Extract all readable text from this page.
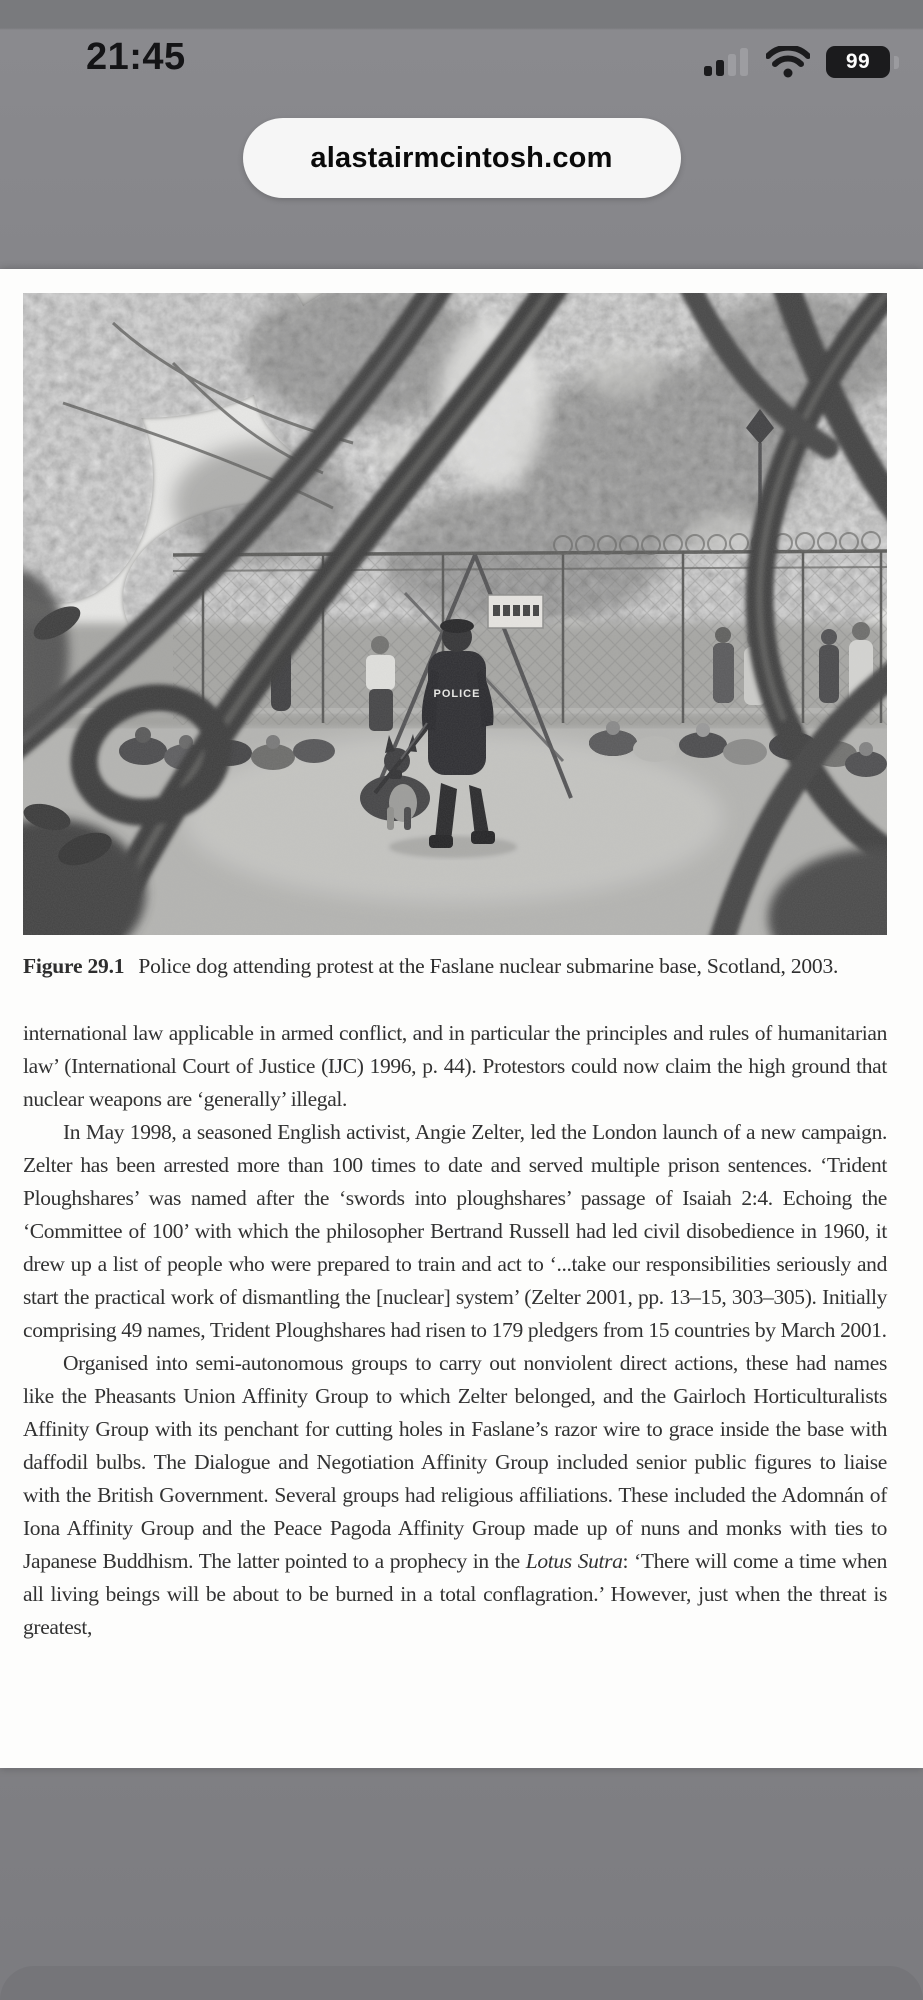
21:45	99
alastairmcintosh.com

Figure 29.1 Police dog attending protest at the Faslane nuclear submarine base, Scotland, 2003.

international law applicable in armed conflict, and in particular the principles and rules of humanitarian law’ (International Court of Justice (IJC) 1996, p. 44). Protestors could now claim the high ground that nuclear weapons are ‘generally’ illegal.

In May 1998, a seasoned English activist, Angie Zelter, led the London launch of a new campaign. Zelter has been arrested more than 100 times to date and served multiple prison sentences. ‘Trident Ploughshares’ was named after the ‘swords into ploughshares’ passage of Isaiah 2:4. Echoing the ‘Committee of 100’ with which the philosopher Bertrand Russell had led civil disobedience in 1960, it drew up a list of people who were prepared to train and act to ‘...take our responsibilities seriously and start the practical work of dismantling the [nuclear] system’ (Zelter 2001, pp. 13–15, 303–305). Initially comprising 49 names, Trident Ploughshares had risen to 179 pledgers from 15 countries by March 2001.

Organised into semi-autonomous groups to carry out nonviolent direct actions, these had names like the Pheasants Union Affinity Group to which Zelter belonged, and the Gairloch Horticulturalists Affinity Group with its penchant for cutting holes in Faslane’s razor wire to grace inside the base with daffodil bulbs. The Dialogue and Negotiation Affinity Group included senior public figures to liaise with the British Government. Several groups had religious affiliations. These included the Adomnán of Iona Affinity Group and the Peace Pagoda Affinity Group made up of nuns and monks with ties to Japanese Buddhism. The latter pointed to a prophecy in the Lotus Sutra: ‘There will come a time when all living beings will be about to be burned in a total conflagration.’ However, just when the threat is greatest,
